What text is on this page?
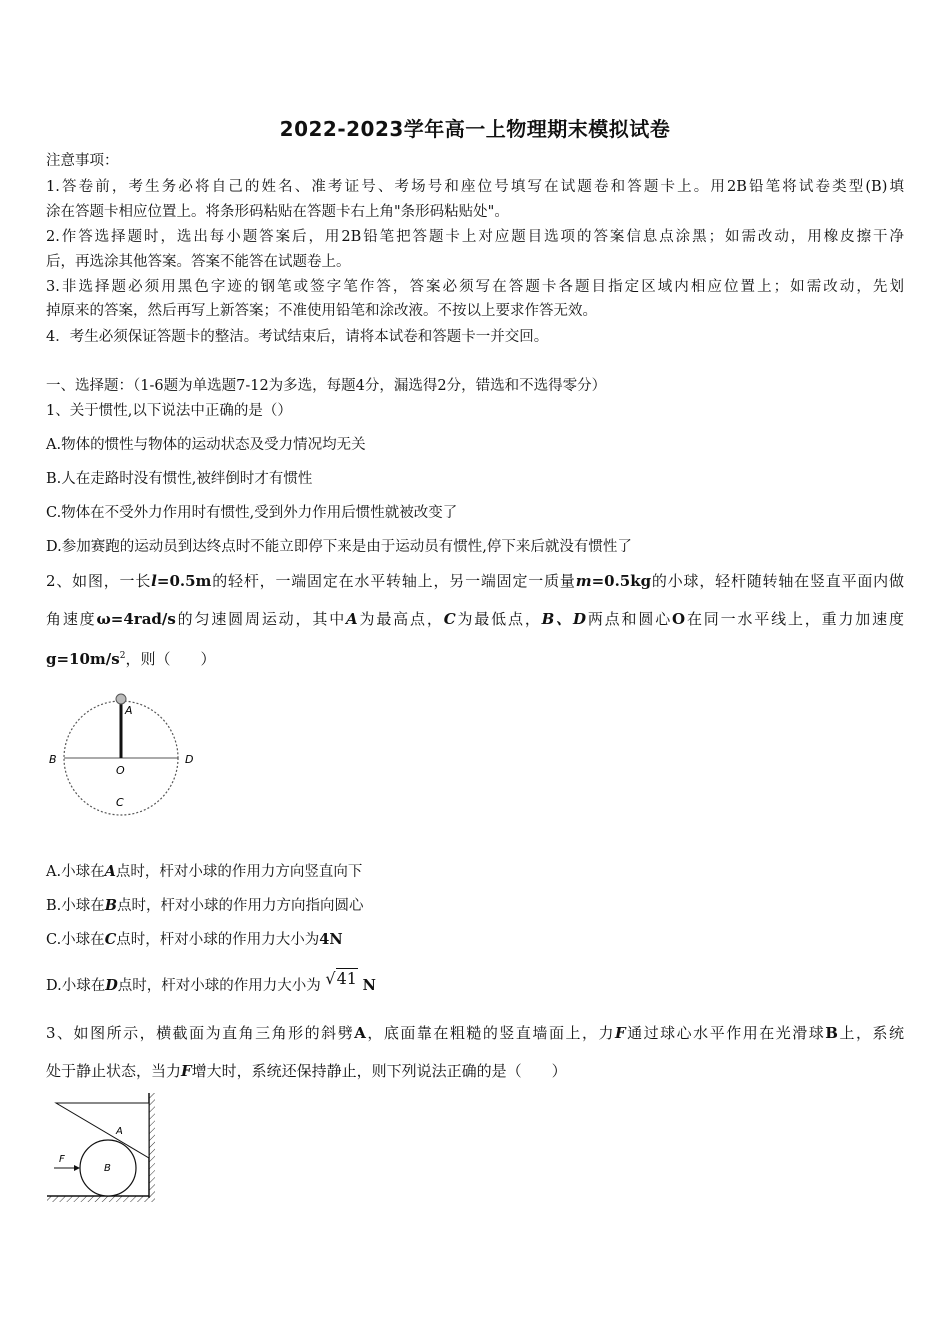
2022-2023学年高一上物理期末模拟试卷
注意事项：
1.答卷前，考生务必将自己的姓名、准考证号、考场号和座位号填写在试题卷和答题卡上。用2B铅笔将试卷类型(B)填
涂在答题卡相应位置上。将条形码粘贴在答题卡右上角"条形码粘贴处"。
2.作答选择题时，选出每小题答案后，用2B铅笔把答题卡上对应题目选项的答案信息点涂黑；如需改动，用橡皮擦干净
后，再选涂其他答案。答案不能答在试题卷上。
3.非选择题必须用黑色字迹的钢笔或签字笔作答，答案必须写在答题卡各题目指定区域内相应位置上；如需改动，先划
掉原来的答案，然后再写上新答案；不准使用铅笔和涂改液。不按以上要求作答无效。
4．考生必须保证答题卡的整洁。考试结束后，请将本试卷和答题卡一并交回。
一、选择题：（1-6题为单选题7-12为多选，每题4分，漏选得2分，错选和不选得零分）
1、关于惯性,以下说法中正确的是（）
A.物体的惯性与物体的运动状态及受力情况均无关
B.人在走路时没有惯性,被绊倒时才有惯性
C.物体在不受外力作用时有惯性,受到外力作用后惯性就被改变了
D.参加赛跑的运动员到达终点时不能立即停下来是由于运动员有惯性,停下来后就没有惯性了
2、如图，一长l=0.5m的轻杆，一端固定在水平转轴上，另一端固定一质量m=0.5kg的小球，轻杆随转轴在竖直平面内做
角速度ω=4rad/s的匀速圆周运动，其中A为最高点，C为最低点，B、D两点和圆心O在同一水平线上，重力加速度
$g=10m/s^2$，则（　　）
A
B	D
O
C
A.小球在A点时，杆对小球的作用力方向竖直向下
B.小球在B点时，杆对小球的作用力方向指向圆心
C.小球在C点时，杆对小球的作用力大小为4N
D.小球在D点时，杆对小球的作用力大小为 √41 N
3、如图所示，横截面为直角三角形的斜劈A，底面靠在粗糙的竖直墙面上，力F通过球心水平作用在光滑球B上，系统
处于静止状态，当力F增大时，系统还保持静止，则下列说法正确的是（　　）
A
B
F
